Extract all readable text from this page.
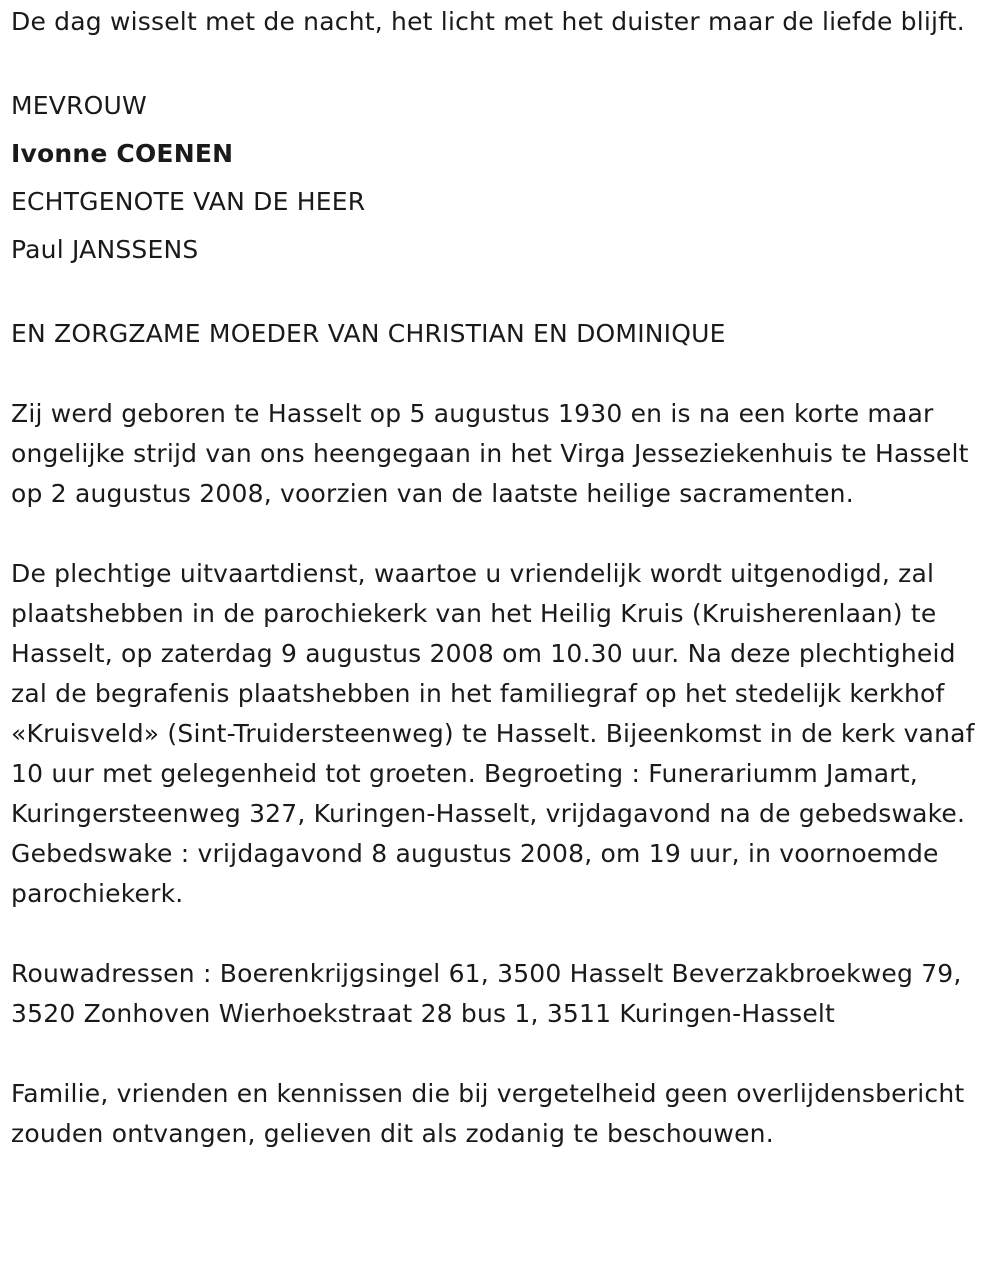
De dag wisselt met de nacht, het licht met het duister maar de liefde blijft.

MEVROUW

Ivonne COENEN

ECHTGENOTE VAN DE HEER

Paul JANSSENS

EN ZORGZAME MOEDER VAN CHRISTIAN EN DOMINIQUE

Zij werd geboren te Hasselt op 5 augustus 1930 en is na een korte maar ongelijke strijd van ons heengegaan in het Virga Jesseziekenhuis te Hasselt op 2 augustus 2008, voorzien van de laatste heilige sacramenten.

De plechtige uitvaartdienst, waartoe u vriendelijk wordt uitgenodigd, zal plaatshebben in de parochiekerk van het Heilig Kruis (Kruisherenlaan) te Hasselt, op zaterdag 9 augustus 2008 om 10.30 uur. Na deze plechtigheid zal de begrafenis plaatshebben in het familiegraf op het stedelijk kerkhof «Kruisveld» (Sint-Truidersteenweg) te Hasselt. Bijeenkomst in de kerk vanaf 10 uur met gelegenheid tot groeten. Begroeting : Funerariumm Jamart, Kuringersteenweg 327, Kuringen-Hasselt, vrijdagavond na de gebedswake. Gebedswake : vrijdagavond 8 augustus 2008, om 19 uur, in voornoemde parochiekerk.

Rouwadressen : Boerenkrijgsingel 61, 3500 Hasselt Beverzakbroekweg 79, 3520 Zonhoven Wierhoekstraat 28 bus 1, 3511 Kuringen-Hasselt

Familie, vrienden en kennissen die bij vergetelheid geen overlijdensbericht zouden ontvangen, gelieven dit als zodanig te beschouwen.
